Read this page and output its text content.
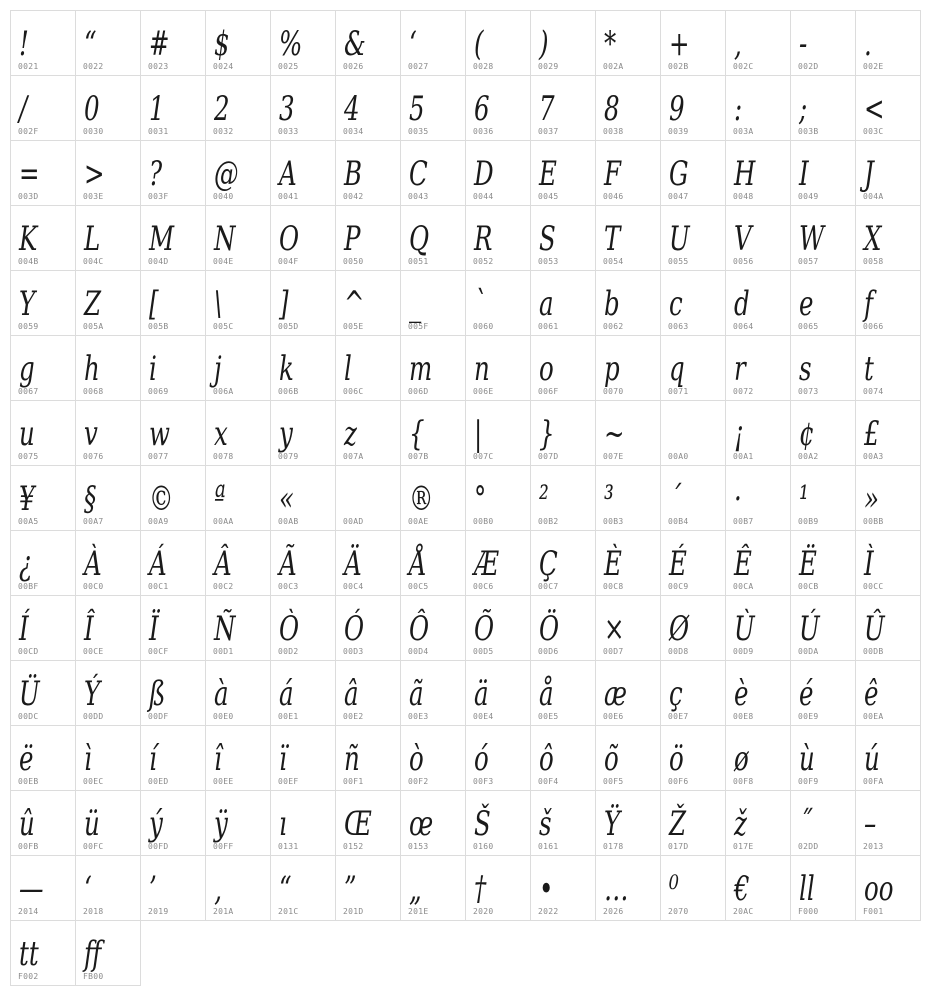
!
0021
“
0022
#
0023
$
0024
%
0025
&
0026
‘
0027
(
0028
)
0029
*
002A
+
002B
,
002C
-
002D
.
002E
/
002F
0
0030
1
0031
2
0032
3
0033
4
0034
5
0035
6
0036
7
0037
8
0038
9
0039
:
003A
;
003B
<
003C
=
003D
>
003E
?
003F
@
0040
A
0041
B
0042
C
0043
D
0044
E
0045
F
0046
G
0047
H
0048
I
0049
J
004A
K
004B
L
004C
M
004D
N
004E
O
004F
P
0050
Q
0051
R
0052
S
0053
T
0054
U
0055
V
0056
W
0057
X
0058
Y
0059
Z
005A
[
005B
\
005C
]
005D
^
005E
_
005F
`
0060
a
0061
b
0062
c
0063
d
0064
e
0065
f
0066
g
0067
h
0068
i
0069
j
006A
k
006B
l
006C
m
006D
n
006E
o
006F
p
0070
q
0071
r
0072
s
0073
t
0074
u
0075
v
0076
w
0077
x
0078
y
0079
z
007A
{
007B
|
007C
}
007D
~
007E	00A0
¡
00A1
¢
00A2
£
00A3
¥
00A5
§
00A7
©
00A9
ª
00AA
«
00AB	00AD
®
00AE
°
00B0
²
00B2
³
00B3
´
00B4
·
00B7
¹
00B9
»
00BB
¿
00BF
À
00C0
Á
00C1
Â
00C2
Ã
00C3
Ä
00C4
Å
00C5
Æ
00C6
Ç
00C7
È
00C8
É
00C9
Ê
00CA
Ë
00CB
Ì
00CC
Í
00CD
Î
00CE
Ï
00CF
Ñ
00D1
Ò
00D2
Ó
00D3
Ô
00D4
Õ
00D5
Ö
00D6
×
00D7
Ø
00D8
Ù
00D9
Ú
00DA
Û
00DB
Ü
00DC
Ý
00DD
ß
00DF
à
00E0
á
00E1
â
00E2
ã
00E3
ä
00E4
å
00E5
æ
00E6
ç
00E7
è
00E8
é
00E9
ê
00EA
ë
00EB
ì
00EC
í
00ED
î
00EE
ï
00EF
ñ
00F1
ò
00F2
ó
00F3
ô
00F4
õ
00F5
ö
00F6
ø
00F8
ù
00F9
ú
00FA
û
00FB
ü
00FC
ý
00FD
ÿ
00FF
ı
0131
Œ
0152
œ
0153
Š
0160
š
0161
Ÿ
0178
Ž
017D
ž
017E
˝
02DD
–
2013
—
2014
‘
2018
’
2019
‚
201A
“
201C
”
201D
„
201E
†
2020
•
2022
…
2026
⁰
2070
€
20AC
ll
F000
oo
F001
tt
F002
ff
FB00
